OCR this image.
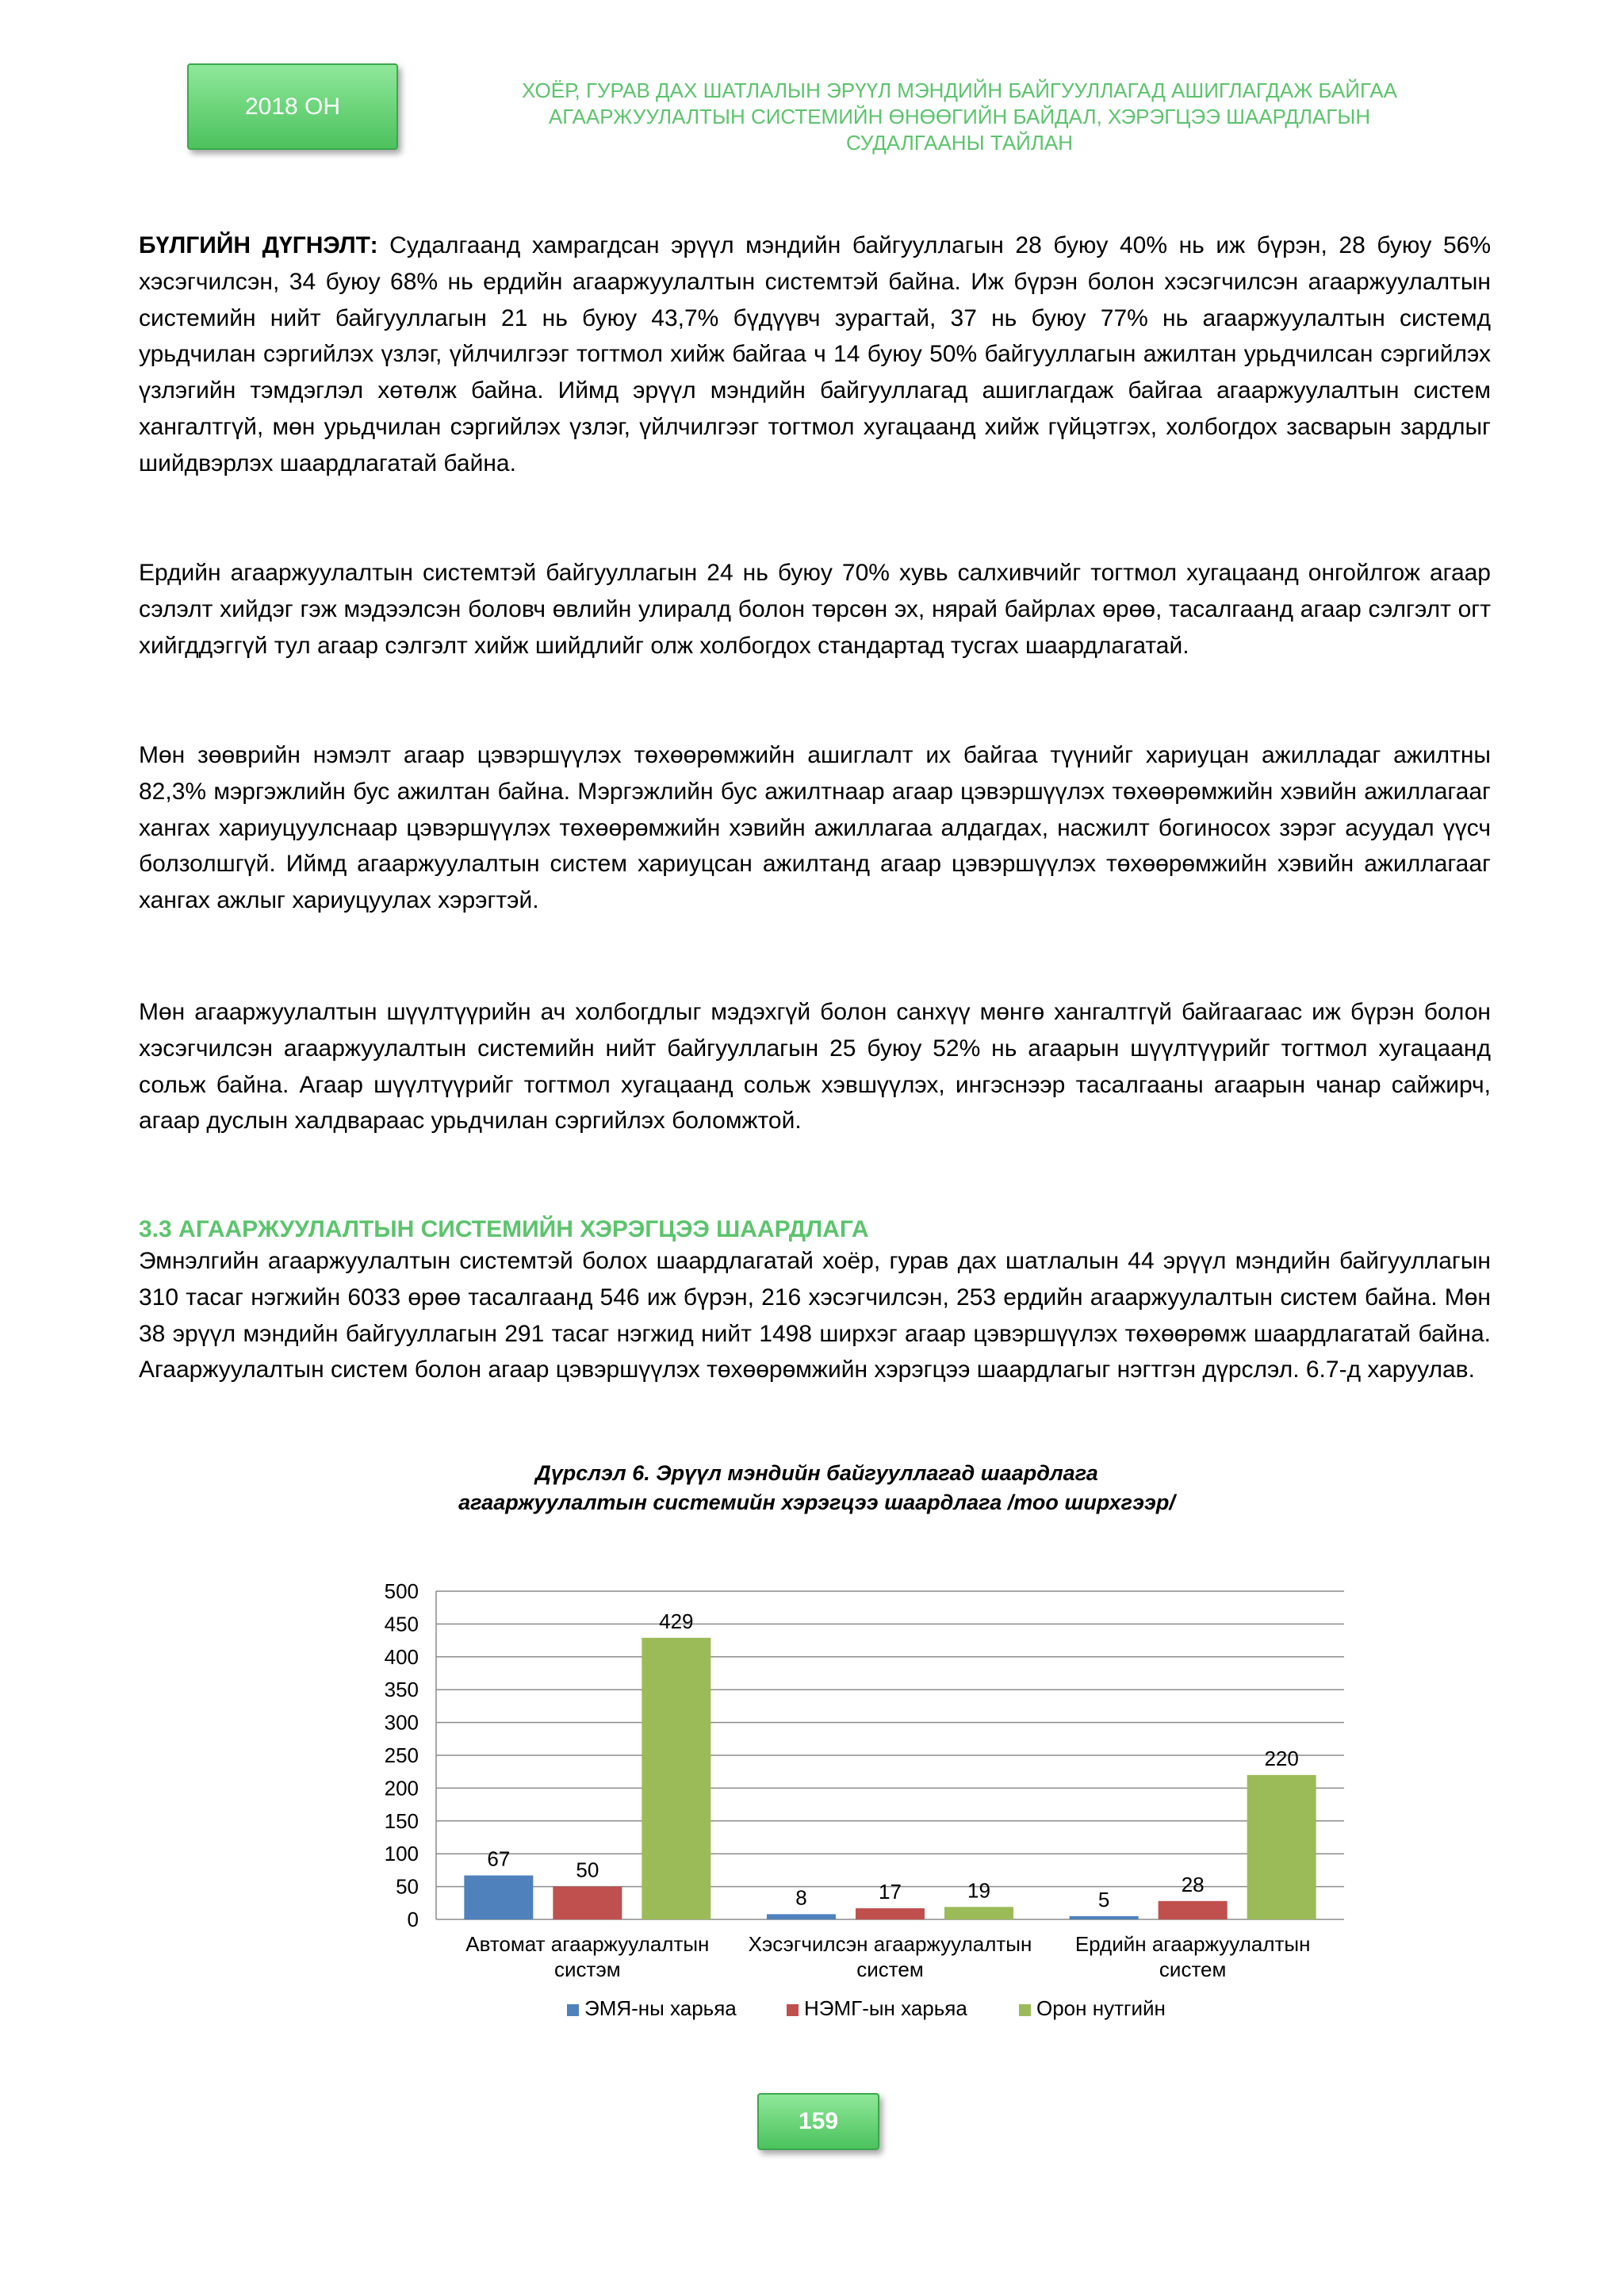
2018 ОН
ХОЁР, ГУРАВ ДАХ ШАТЛАЛЫН ЭРҮҮЛ МЭНДИЙН БАЙГУУЛЛАГАД АШИГЛАГДАЖ БАЙГАА
АГААРЖУУЛАЛТЫН СИСТЕМИЙН ӨНӨӨГИЙН БАЙДАЛ, ХЭРЭГЦЭЭ ШААРДЛАГЫН
СУДАЛГААНЫ ТАЙЛАН
БҮЛГИЙН ДҮГНЭЛТ: Судалгаанд хамрагдсан эрүүл мэндийн байгууллагын 28 буюу 40% нь иж бүрэн, 28 буюу 56% хэсэгчилсэн, 34 буюу 68% нь ердийн агааржуулалтын системтэй байна. Иж бүрэн болон хэсэгчилсэн агааржуулалтын системийн нийт байгууллагын 21 нь буюу 43,7% бүдүүвч зурагтай, 37 нь буюу 77% нь агааржуулалтын системд урьдчилан сэргийлэх үзлэг, үйлчилгээг тогтмол хийж байгаа ч 14 буюу 50% байгууллагын ажилтан урьдчилсан сэргийлэх үзлэгийн тэмдэглэл хөтөлж байна. Иймд эрүүл мэндийн байгууллагад ашиглагдаж байгаа агааржуулалтын систем хангалтгүй, мөн урьдчилан сэргийлэх үзлэг, үйлчилгээг тогтмол хугацаанд хийж гүйцэтгэх, холбогдох засварын зардлыг шийдвэрлэх шаардлагатай байна.
Ердийн агааржуулалтын системтэй байгууллагын 24 нь буюу 70% хувь салхивчийг тогтмол хугацаанд онгойлгож агаар сэлэлт хийдэг гэж мэдээлсэн боловч өвлийн улиралд болон төрсөн эх, нярай байрлах өрөө, тасалгаанд агаар сэлгэлт огт хийгддэггүй тул агаар сэлгэлт хийж шийдлийг олж холбогдох стандартад тусгах шаардлагатай.
Мөн зөөврийн нэмэлт агаар цэвэршүүлэх төхөөрөмжийн ашиглалт их байгаа түүнийг хариуцан ажилладаг ажилтны 82,3% мэргэжлийн бус ажилтан байна. Мэргэжлийн бус ажилтнаар агаар цэвэршүүлэх төхөөрөмжийн хэвийн ажиллагааг хангах хариуцуулснаар цэвэршүүлэх төхөөрөмжийн хэвийн ажиллагаа алдагдах, насжилт богиносох зэрэг асуудал үүсч болзолшгүй. Иймд агааржуулалтын систем хариуцсан ажилтанд агаар цэвэршүүлэх төхөөрөмжийн хэвийн ажиллагааг хангах ажлыг хариуцуулах хэрэгтэй.
Мөн агааржуулалтын шүүлтүүрийн ач холбогдлыг мэдэхгүй болон санхүү мөнгө хангалтгүй байгаагаас иж бүрэн болон хэсэгчилсэн агааржуулалтын системийн нийт байгууллагын 25 буюу 52% нь агаарын шүүлтүүрийг тогтмол хугацаанд сольж байна. Агаар шүүлтүүрийг тогтмол хугацаанд сольж хэвшүүлэх, ингэснээр тасалгааны агаарын чанар сайжирч, агаар дуслын халдвараас урьдчилан сэргийлэх боломжтой.
3.3 АГААРЖУУЛАЛТЫН СИСТЕМИЙН ХЭРЭГЦЭЭ ШААРДЛАГА
Эмнэлгийн агааржуулалтын системтэй болох шаардлагатай хоёр, гурав дах шатлалын 44 эрүүл мэндийн байгууллагын 310 тасаг нэгжийн 6033 өрөө тасалгаанд 546 иж бүрэн, 216 хэсэгчилсэн, 253 ердийн агааржуулалтын систем байна. Мөн 38 эрүүл мэндийн байгууллагын 291 тасаг нэгжид нийт 1498 ширхэг агаар цэвэршүүлэх төхөөрөмж шаардлагатай байна. Агааржуулалтын систем болон агаар цэвэршүүлэх төхөөрөмжийн хэрэгцээ шаардлагыг нэгтгэн дүрслэл. 6.7-д харуулав.
Дүрслэл 6. Эрүүл мэндийн байгууллагад шаардлага
агааржуулалтын системийн хэрэгцээ шаардлага /тоо ширхгээр/
0
50
100
150
200
250
300
350
400
450
500
67	50
429
Автомат агааржуулалтын
систэм
8	17	19
Хэсэгчилсэн агааржуулалтын
систем
5
28
220
Ердийн агааржуулалтын
систем
ЭМЯ-ны харьяа	НЭМГ-ын харьяа	Орон нутгийн
159
